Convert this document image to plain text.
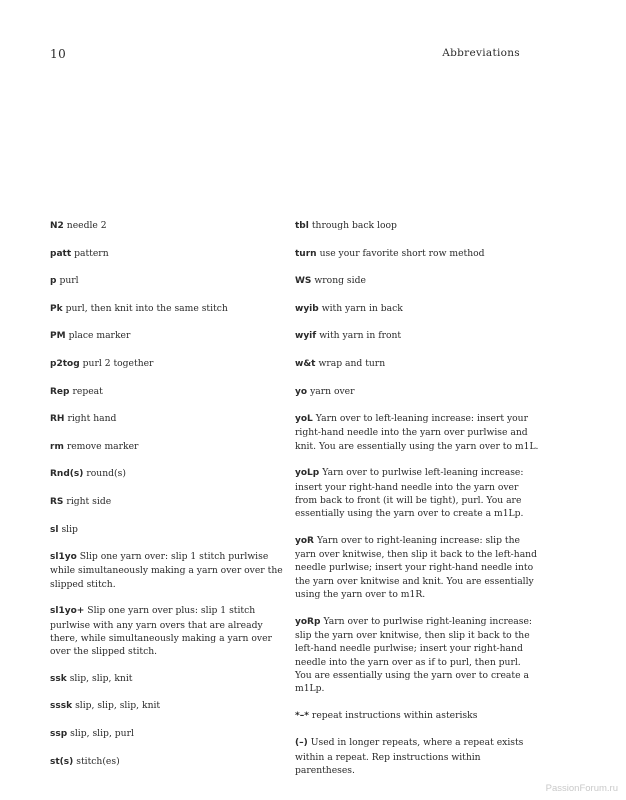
10	Abbreviations
N2 needle 2
patt pattern
p purl
Pk purl, then knit into the same stitch
PM place marker
p2tog purl 2 together
Rep repeat
RH right hand
rm remove marker
Rnd(s) round(s)
RS right side
sl slip
sl1yo Slip one yarn over: slip 1 stitch purlwise while simultaneously making a yarn over over the slipped stitch.
sl1yo+ Slip one yarn over plus: slip 1 stitch purlwise with any yarn overs that are already there, while simultaneously making a yarn over over the slipped stitch.
ssk slip, slip, knit
sssk slip, slip, slip, knit
ssp slip, slip, purl
st(s) stitch(es)
tbl through back loop
turn use your favorite short row method
WS wrong side
wyib with yarn in back
wyif with yarn in front
w&t wrap and turn
yo yarn over
yoL Yarn over to left-leaning increase: insert your right-hand needle into the yarn over purlwise and knit. You are essentially using the yarn over to m1L.
yoLp Yarn over to purlwise left-leaning increase: insert your right-hand needle into the yarn over from back to front (it will be tight), purl. You are essentially using the yarn over to create a m1Lp.
yoR Yarn over to right-leaning increase: slip the yarn over knitwise, then slip it back to the left-hand needle purlwise; insert your right-hand needle into the yarn over knitwise and knit. You are essentially using the yarn over to m1R.
yoRp Yarn over to purlwise right-leaning increase: slip the yarn over knitwise, then slip it back to the left-hand needle purlwise; insert your right-hand needle into the yarn over as if to purl, then purl. You are essentially using the yarn over to create a m1Lp.
*–* repeat instructions within asterisks
(–) Used in longer repeats, where a repeat exists within a repeat. Rep instructions within parentheses.
PassionForum.ru
